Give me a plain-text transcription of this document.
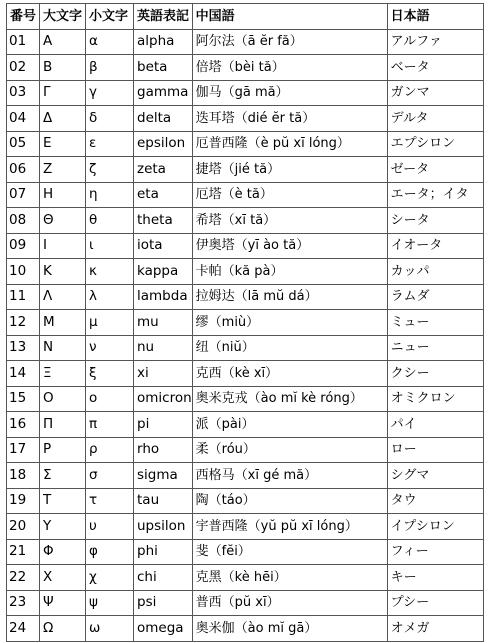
番号	大文字	小文字	英語表記	中国語	日本語
01	Α	α	alpha	阿尔法（ā ĕr fă）	アルファ
02	Β	β	beta	倍塔（bèi tă）	ベータ
03	Γ	γ	gamma	伽马（gā mă）	ガンマ
04	Δ	δ	delta	迭耳塔（dié ĕr tă）	デルタ
05	Ε	ε	epsilon	厄普西隆（è pŭ xī lóng）	エプシロン
06	Ζ	ζ	zeta	捷塔（jié tă）	ゼータ
07	Η	η	eta	厄塔（è tă）	エータ；イタ
08	Θ	θ	theta	希塔（xī tă）	シータ
09	Ι	ι	iota	伊奥塔（yī ào tă）	イオータ
10	Κ	κ	kappa	卡帕（kă pà）	カッパ
11	Λ	λ	lambda	拉姆达（lā mŭ dá）	ラムダ
12	Μ	μ	mu	缪（miù）	ミュー
13	Ν	ν	nu	纽（niŭ）	ニュー
14	Ξ	ξ	xi	克西（kè xī）	クシー
15	Ο	ο	omicron	奥米克戎（ào mĭ kè róng）	オミクロン
16	Π	π	pi	派（pài）	パイ
17	Ρ	ρ	rho	柔（róu）	ロー
18	Σ	σ	sigma	西格马（xī gé mă）	シグマ
19	Τ	τ	tau	陶（táo）	タウ
20	Υ	υ	upsilon	宇普西隆（yŭ pŭ xī lóng）	イプシロン
21	Φ	φ	phi	斐（fĕi）	フィー
22	Χ	χ	chi	克黑（kè hēi）	キー
23	Ψ	ψ	psi	普西（pŭ xī）	プシー
24	Ω	ω	omega	奥米伽（ào mĭ gā）	オメガ
